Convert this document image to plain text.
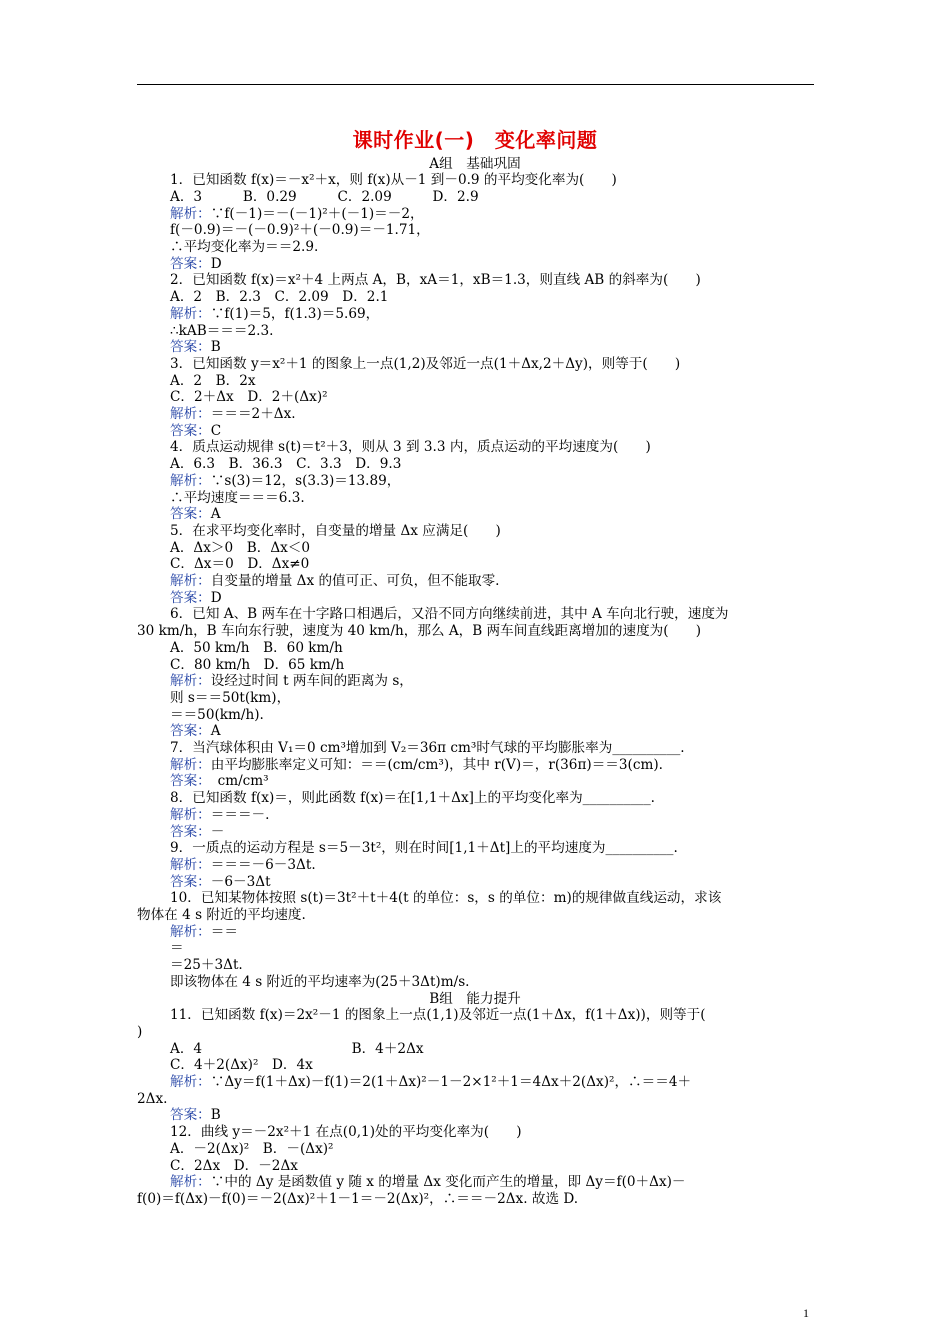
课时作业(一)　变化率问题
A组　基础巩固
1．已知函数 f(x)＝－x²＋x，则 f(x)从－1 到－0.9 的平均变化率为(　　)
A．3　　　B．0.29　　　C．2.09　　　D．2.9
解析：∵f(－1)＝－(－1)²＋(－1)＝－2，
f(－0.9)＝－(－0.9)²＋(－0.9)＝－1.71，
∴平均变化率为＝＝2.9.
答案：D
2．已知函数 f(x)＝x²＋4 上两点 A，B，xA＝1，xB＝1.3，则直线 AB 的斜率为(　　)
A．2　B．2.3　C．2.09　D．2.1
解析：∵f(1)＝5，f(1.3)＝5.69，
∴kAB＝＝＝2.3.
答案：B
3．已知函数 y＝x²＋1 的图象上一点(1,2)及邻近一点(1＋Δx,2＋Δy)，则等于(　　)
A．2　B．2x
C．2＋Δx　D．2＋(Δx)²
解析：＝＝＝2＋Δx.
答案：C
4．质点运动规律 s(t)＝t²＋3，则从 3 到 3.3 内，质点运动的平均速度为(　　)
A．6.3　B．36.3　C．3.3　D．9.3
解析：∵s(3)＝12，s(3.3)＝13.89，
∴平均速度＝＝＝6.3.
答案：A
5．在求平均变化率时，自变量的增量 Δx 应满足(　　)
A．Δx＞0　B．Δx＜0
C．Δx＝0　D．Δx≠0
解析：自变量的增量 Δx 的值可正、可负，但不能取零.
答案：D
6．已知 A、B 两车在十字路口相遇后，又沿不同方向继续前进，其中 A 车向北行驶，速度为
30 km/h，B 车向东行驶，速度为 40 km/h，那么 A，B 两车间直线距离增加的速度为(　　)
A．50 km/h　B．60 km/h
C．80 km/h　D．65 km/h
解析：设经过时间 t 两车间的距离为 s，
则 s＝＝50t(km)，
＝＝50(km/h).
答案：A
7．当汽球体积由 V₁＝0 cm³增加到 V₂＝36π cm³时气球的平均膨胀率为__________.
解析：由平均膨胀率定义可知：＝＝(cm/cm³)，其中 r(V)＝，r(36π)＝＝3(cm).
答案：　cm/cm³
8．已知函数 f(x)＝，则此函数 f(x)＝在[1,1＋Δx]上的平均变化率为__________.
解析：＝＝＝－.
答案：－
9．一质点的运动方程是 s＝5－3t²，则在时间[1,1＋Δt]上的平均速度为__________.
解析：＝＝＝－6－3Δt.
答案：－6－3Δt
10．已知某物体按照 s(t)＝3t²＋t＋4(t 的单位：s，s 的单位：m)的规律做直线运动，求该
物体在 4 s 附近的平均速度.
解析：＝＝
＝
＝25＋3Δt.
即该物体在 4 s 附近的平均速率为(25＋3Δt)m/s.
B组　能力提升
11．已知函数 f(x)＝2x²－1 的图象上一点(1,1)及邻近一点(1＋Δx，f(1＋Δx))，则等于(
)
A．4　　　　　　　　　　　B．4＋2Δx
C．4＋2(Δx)²　D．4x
解析：∵Δy＝f(1＋Δx)－f(1)＝2(1＋Δx)²－1－2×1²＋1＝4Δx＋2(Δx)²，∴＝＝4＋
2Δx.
答案：B
12．曲线 y＝－2x²＋1 在点(0,1)处的平均变化率为(　　)
A．－2(Δx)²　B．－(Δx)²
C．2Δx　D．－2Δx
解析：∵中的 Δy 是函数值 y 随 x 的增量 Δx 变化而产生的增量，即 Δy＝f(0＋Δx)－
f(0)＝f(Δx)－f(0)＝－2(Δx)²＋1－1＝－2(Δx)²，∴＝＝－2Δx. 故选 D.
1
